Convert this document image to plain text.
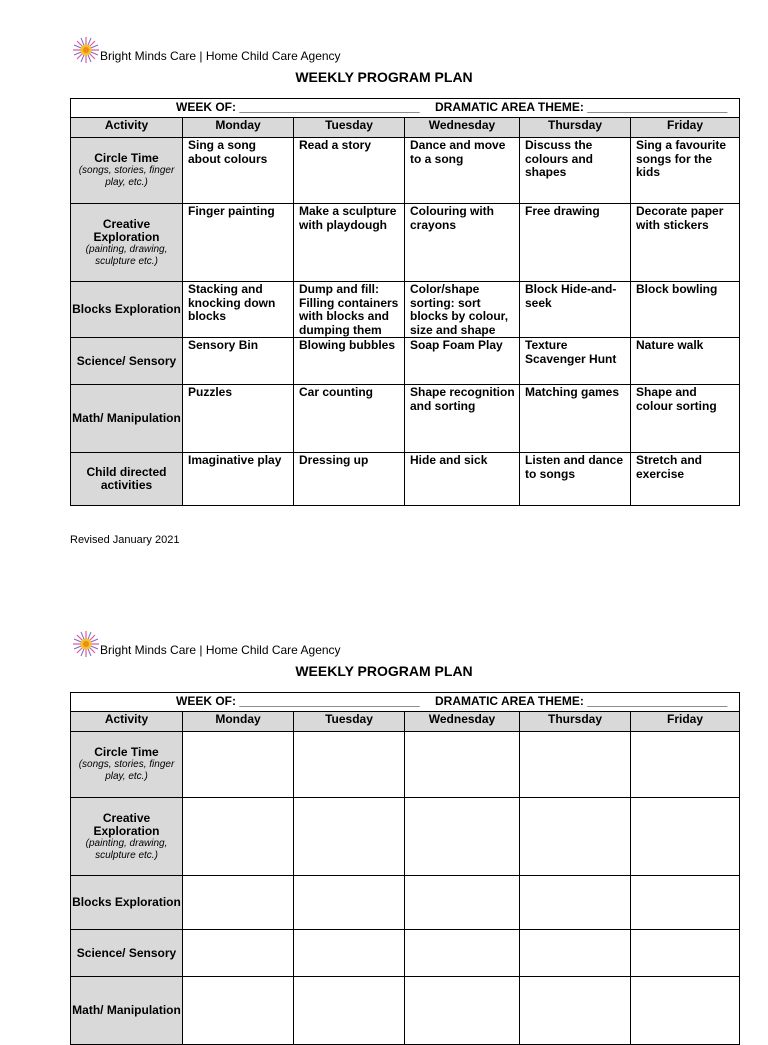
Bright Minds Care | Home Child Care Agency
WEEKLY PROGRAM PLAN
WEEK OF: ___________________________ DRAMATIC AREA THEME: _____________________					

Activity	Monday	Tuesday	Wednesday	Thursday	Friday

Circle Time
(songs, stories, finger play, etc.)	Sing a song about colours	Read a story	Dance and move to a song	Discuss the colours and shapes	Sing a favourite songs for the kids

Creative Exploration
(painting, drawing, sculpture etc.)	Finger painting	Make a sculpture with playdough	Colouring with crayons	Free drawing	Decorate paper with stickers

Blocks Exploration	Stacking and knocking down blocks	Dump and fill: Filling containers with blocks and dumping them	Color/shape sorting: sort blocks by colour, size and shape	Block Hide-and-seek	Block bowling

Science/ Sensory	Sensory Bin	Blowing bubbles	Soap Foam Play	Texture Scavenger Hunt	Nature walk

Math/ Manipulation	Puzzles	Car counting	Shape recognition and sorting	Matching games	Shape and colour sorting

Child directed activities	Imaginative play	Dressing up	Hide and sick	Listen and dance to songs	Stretch and exercise
Revised January 2021
Bright Minds Care | Home Child Care Agency
WEEKLY PROGRAM PLAN
WEEK OF: ___________________________ DRAMATIC AREA THEME: _____________________					

Activity	Monday	Tuesday	Wednesday	Thursday	Friday

Circle Time
(songs, stories, finger play, etc.)					

Creative Exploration
(painting, drawing, sculpture etc.)					

Blocks Exploration					

Science/ Sensory					

Math/ Manipulation					
